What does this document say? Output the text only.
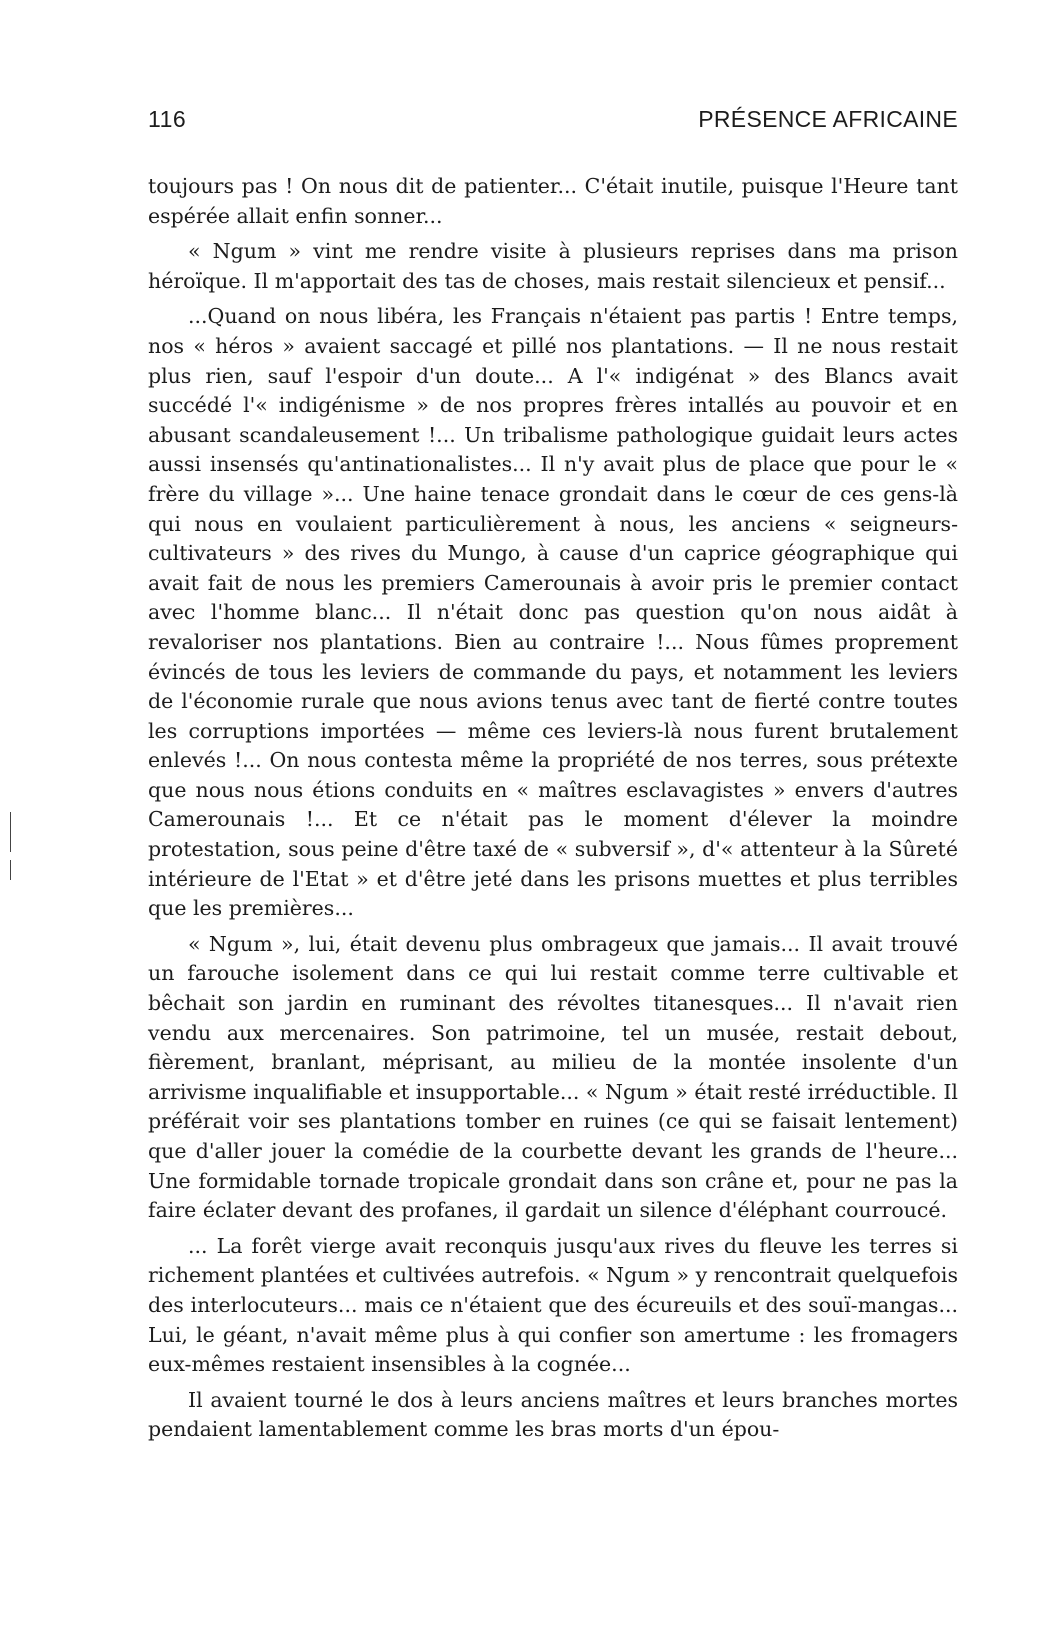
116	PRÉSENCE AFRICAINE

toujours pas ! On nous dit de patienter... C'était inutile, puisque l'Heure tant espérée allait enfin sonner...

« Ngum » vint me rendre visite à plusieurs reprises dans ma prison héroïque. Il m'apportait des tas de choses, mais restait silencieux et pensif...

...Quand on nous libéra, les Français n'étaient pas partis ! Entre temps, nos « héros » avaient saccagé et pillé nos plantations. — Il ne nous restait plus rien, sauf l'espoir d'un doute... A l'« indigénat » des Blancs avait succédé l'« indigénisme » de nos propres frères intallés au pouvoir et en abusant scandaleusement !... Un tribalisme pathologique guidait leurs actes aussi insensés qu'antinationalistes... Il n'y avait plus de place que pour le « frère du village »... Une haine tenace grondait dans le cœur de ces gens-là qui nous en voulaient particulièrement à nous, les anciens « seigneurs-cultivateurs » des rives du Mungo, à cause d'un caprice géographique qui avait fait de nous les premiers Camerounais à avoir pris le premier contact avec l'homme blanc... Il n'était donc pas question qu'on nous aidât à revaloriser nos plantations. Bien au contraire !... Nous fûmes proprement évincés de tous les leviers de commande du pays, et notamment les leviers de l'économie rurale que nous avions tenus avec tant de fierté contre toutes les corruptions importées — même ces leviers-là nous furent brutalement enlevés !... On nous contesta même la propriété de nos terres, sous prétexte que nous nous étions conduits en « maîtres esclavagistes » envers d'autres Camerounais !... Et ce n'était pas le moment d'élever la moindre protestation, sous peine d'être taxé de « subversif », d'« attenteur à la Sûreté intérieure de l'Etat » et d'être jeté dans les prisons muettes et plus terribles que les premières...

« Ngum », lui, était devenu plus ombrageux que jamais... Il avait trouvé un farouche isolement dans ce qui lui restait comme terre cultivable et bêchait son jardin en ruminant des révoltes titanesques... Il n'avait rien vendu aux mercenaires. Son patrimoine, tel un musée, restait debout, fièrement, branlant, méprisant, au milieu de la montée insolente d'un arrivisme inqualifiable et insupportable... « Ngum » était resté irréductible. Il préférait voir ses plantations tomber en ruines (ce qui se faisait lentement) que d'aller jouer la comédie de la courbette devant les grands de l'heure... Une formidable tornade tropicale grondait dans son crâne et, pour ne pas la faire éclater devant des profanes, il gardait un silence d'éléphant courroucé.

... La forêt vierge avait reconquis jusqu'aux rives du fleuve les terres si richement plantées et cultivées autrefois. « Ngum » y rencontrait quelquefois des interlocuteurs... mais ce n'étaient que des écureuils et des souï-mangas... Lui, le géant, n'avait même plus à qui confier son amertume : les fromagers eux-mêmes restaient insensibles à la cognée...

Il avaient tourné le dos à leurs anciens maîtres et leurs branches mortes pendaient lamentablement comme les bras morts d'un épou-
